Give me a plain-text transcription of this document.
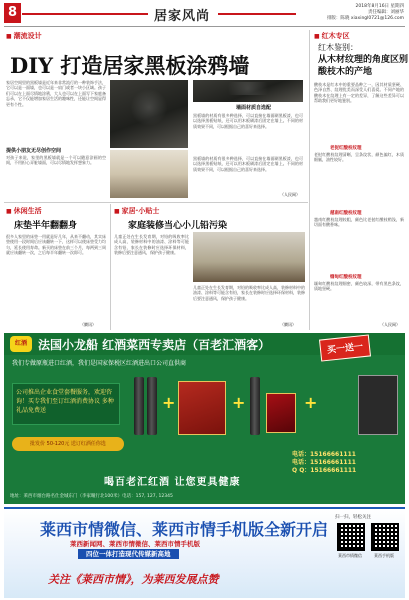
8	居家风尚
2018年8月16日 星期四
责任编辑：刘丽华
排版：陈晓 xiaxingl0721@126.com
■ 潮流设计
DIY 打造居家黑板涂鸦墙
家居空间里的黑板墙是近年来非常流行的一种装饰手法，它可以是一面墙，也可以是一扇门或者一块小区域。孩子们可以在上面尽情地涂鸦，大人也可以在上面写下家庭备忘录，它不仅能增加家居生活的趣味性，还能让空间显得更有个性。
提供小朋友无尽创作空间
对孩子来说，家里的黑板墙就是一个可以随意涂画的空间，不用担心弄脏墙面，可以尽情地发挥想象力。
墙面材质自选配
黑板墙的材质有很多种选择，可以直接在墙面刷黑板漆，也可以选择黑板贴纸，还可以用木板刷漆后固定在墙上。不同的材质效果不同，可以根据自己的喜好来选择。
黑板墙的材质有很多种选择，可以直接在墙面刷黑板漆，也可以选择黑板贴纸，还可以用木板刷漆后固定在墙上。不同的材质效果不同，可以根据自己的喜好来选择。
（人民网）
■ 红木专区
红木鉴别：
从木材纹理的角度区别酸枝木的产地
酸枝木是红木中的重要品种之一，因其材质坚硬、色泽自然、纹理优美而深受人们喜爱。不同产地的酸枝木在纹理上有一定的差异，了解这些差异可以帮助我们更好地鉴别。
老挝红酸枝纹理
老挝红酸枝纹理清晰，呈条纹状，颜色偏红，木质细腻，油性较好。
越南红酸枝纹理
越南红酸枝纹理较粗，颜色比老挝红酸枝稍浅，新切面有酸香味。
缅甸红酸枝纹理
缅甸红酸枝纹理细密，颜色较深，带有黑色条纹，质地坚硬。
（人民网）
■ 休闲生活
床垫半年翻翻身
很多人家里的床垫一用就是好几年，从来不翻动，其实床垫使用一段时间后应该翻转一下，这样可以使床垫受力均匀，延长使用寿命。新买的床垫在前三个月，每两到三周就应该翻转一次，之后每半年翻转一次即可。
（腾讯）
■ 家居·小贴士
家庭装修当心小儿铅污染
儿童正处在生长发育期，对铅的吸收率比成人高，装修材料中的油漆、涂料等可能含有铅，家长在装修时应选择环保材料，装修后要注意通风，保护孩子健康。
儿童正处在生长发育期，对铅的吸收率比成人高，装修材料中的油漆、涂料等可能含有铅，家长在装修时应选择环保材料，装修后要注意通风，保护孩子健康。
（腾讯）
红酒 法国小龙船 红酒菜西专卖店（百老汇酒客）	买一送一
我们专做原瓶进口红酒，我们是国家保税区红酒进出口公司直供商
公司推出企业食堂套餐服务，欢迎咨询！买专我们至订红酒消费协议 多种礼品免费送	+	+	+
批发价 50-120元 送订红酒任你选
电话：15166661111
电话：15166661111
Q Q：15166661111
喝百老汇红酒 让您更具健康
地址：莱西市烟台路名仕金城东门（李家疃行北100米）电话：157, 127, 12345
莱西市情微信、莱西市情手机版全新开启
莱西新闻网、莱西市情微信、莱西市情手机版
四位一体打造现代传媒新高地
关注《莱西市情》，为莱西发展点赞
扫一扫，轻松关注
莱西市情微信	莱西手机版
